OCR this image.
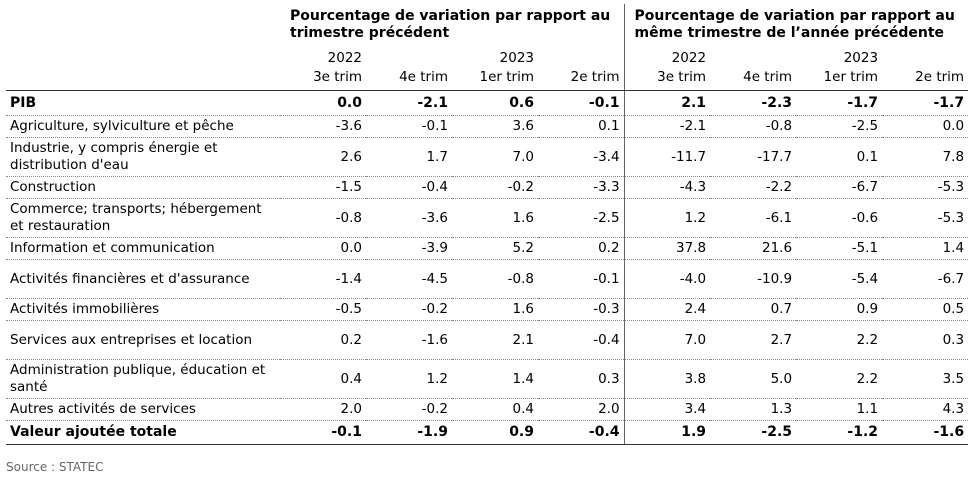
	Pourcentage de variation par rapport au trimestre précédent				Pourcentage de variation par rapport au même trimestre de l’année précédente			
	2022		2023		2022		2023	
	3e trim	4e trim	1er trim	2e trim	3e trim	4e trim	1er trim	2e trim
PIB	0.0	-2.1	0.6	-0.1	2.1	-2.3	-1.7	-1.7
Agriculture, sylviculture et pêche	-3.6	-0.1	3.6	0.1	-2.1	-0.8	-2.5	0.0
Industrie, y compris énergie et distribution d'eau	2.6	1.7	7.0	-3.4	-11.7	-17.7	0.1	7.8
Construction	-1.5	-0.4	-0.2	-3.3	-4.3	-2.2	-6.7	-5.3
Commerce; transports; hébergement et restauration	-0.8	-3.6	1.6	-2.5	1.2	-6.1	-0.6	-5.3
Information et communication	0.0	-3.9	5.2	0.2	37.8	21.6	-5.1	1.4
Activités financières et d'assurance	-1.4	-4.5	-0.8	-0.1	-4.0	-10.9	-5.4	-6.7
Activités immobilières	-0.5	-0.2	1.6	-0.3	2.4	0.7	0.9	0.5
Services aux entreprises et location	0.2	-1.6	2.1	-0.4	7.0	2.7	2.2	0.3
Administration publique, éducation et santé	0.4	1.2	1.4	0.3	3.8	5.0	2.2	3.5
Autres activités de services	2.0	-0.2	0.4	2.0	3.4	1.3	1.1	4.3
Valeur ajoutée totale	-0.1	-1.9	0.9	-0.4	1.9	-2.5	-1.2	-1.6
Source : STATEC
